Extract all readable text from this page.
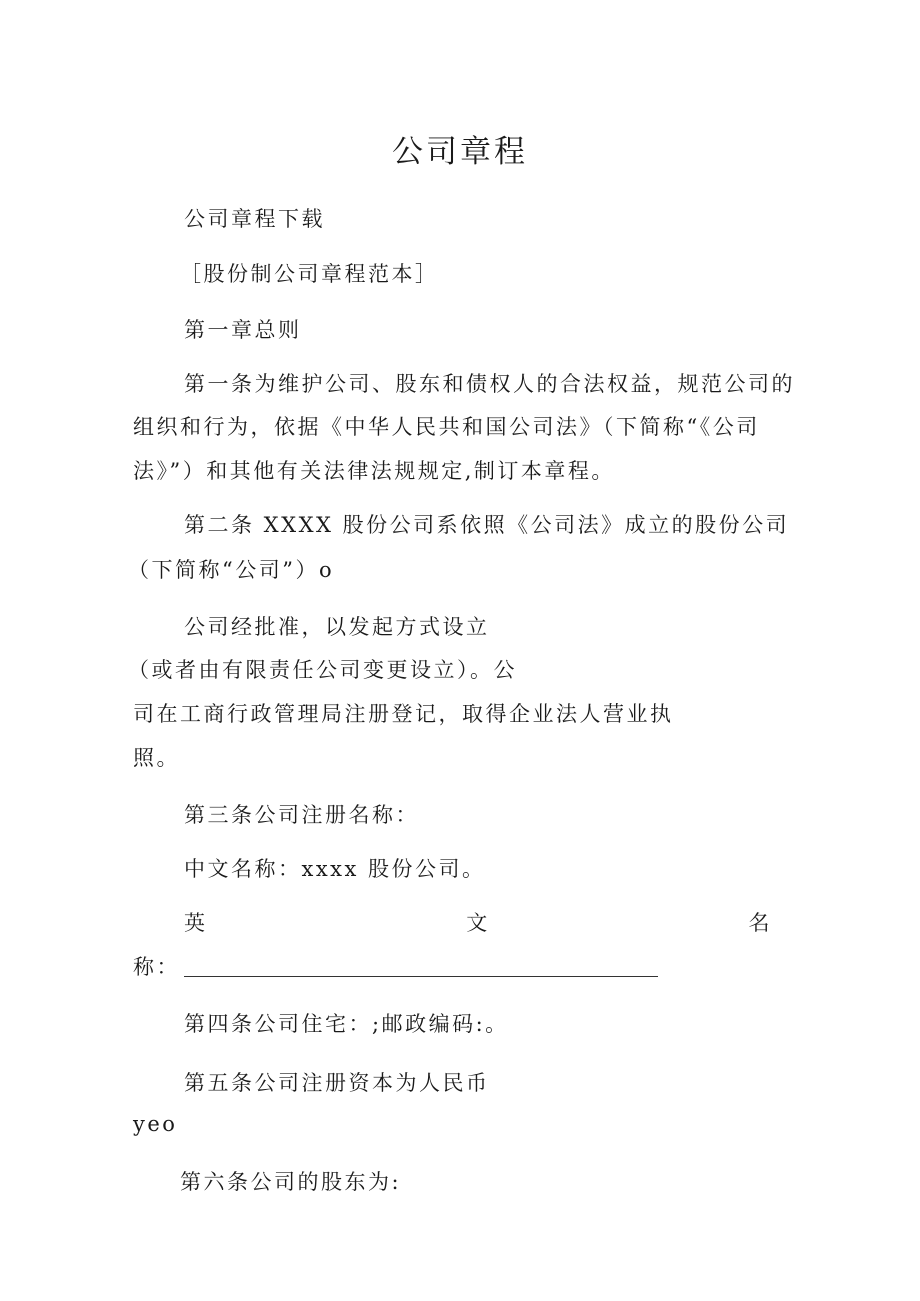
公司章程
公司章程下载
［股份制公司章程范本］
第一章总则
第一条为维护公司、股东和债权人的合法权益，规范公司的
组织和行为，依据《中华人民共和国公司法》（下简称“《公司
法》”）和其他有关法律法规规定,制订本章程。
第二条 XXXX 股份公司系依照《公司法》成立的股份公司
（下简称“公司”）o
公司经批准，以发起方式设立
（或者由有限责任公司变更设立）。公
司在工商行政管理局注册登记，取得企业法人营业执
照。
第三条公司注册名称：
中文名称：xxxx 股份公司。
英	文	名
称：
第四条公司住宅：;邮政编码:。
第五条公司注册资本为人民币
yeo
第六条公司的股东为:
